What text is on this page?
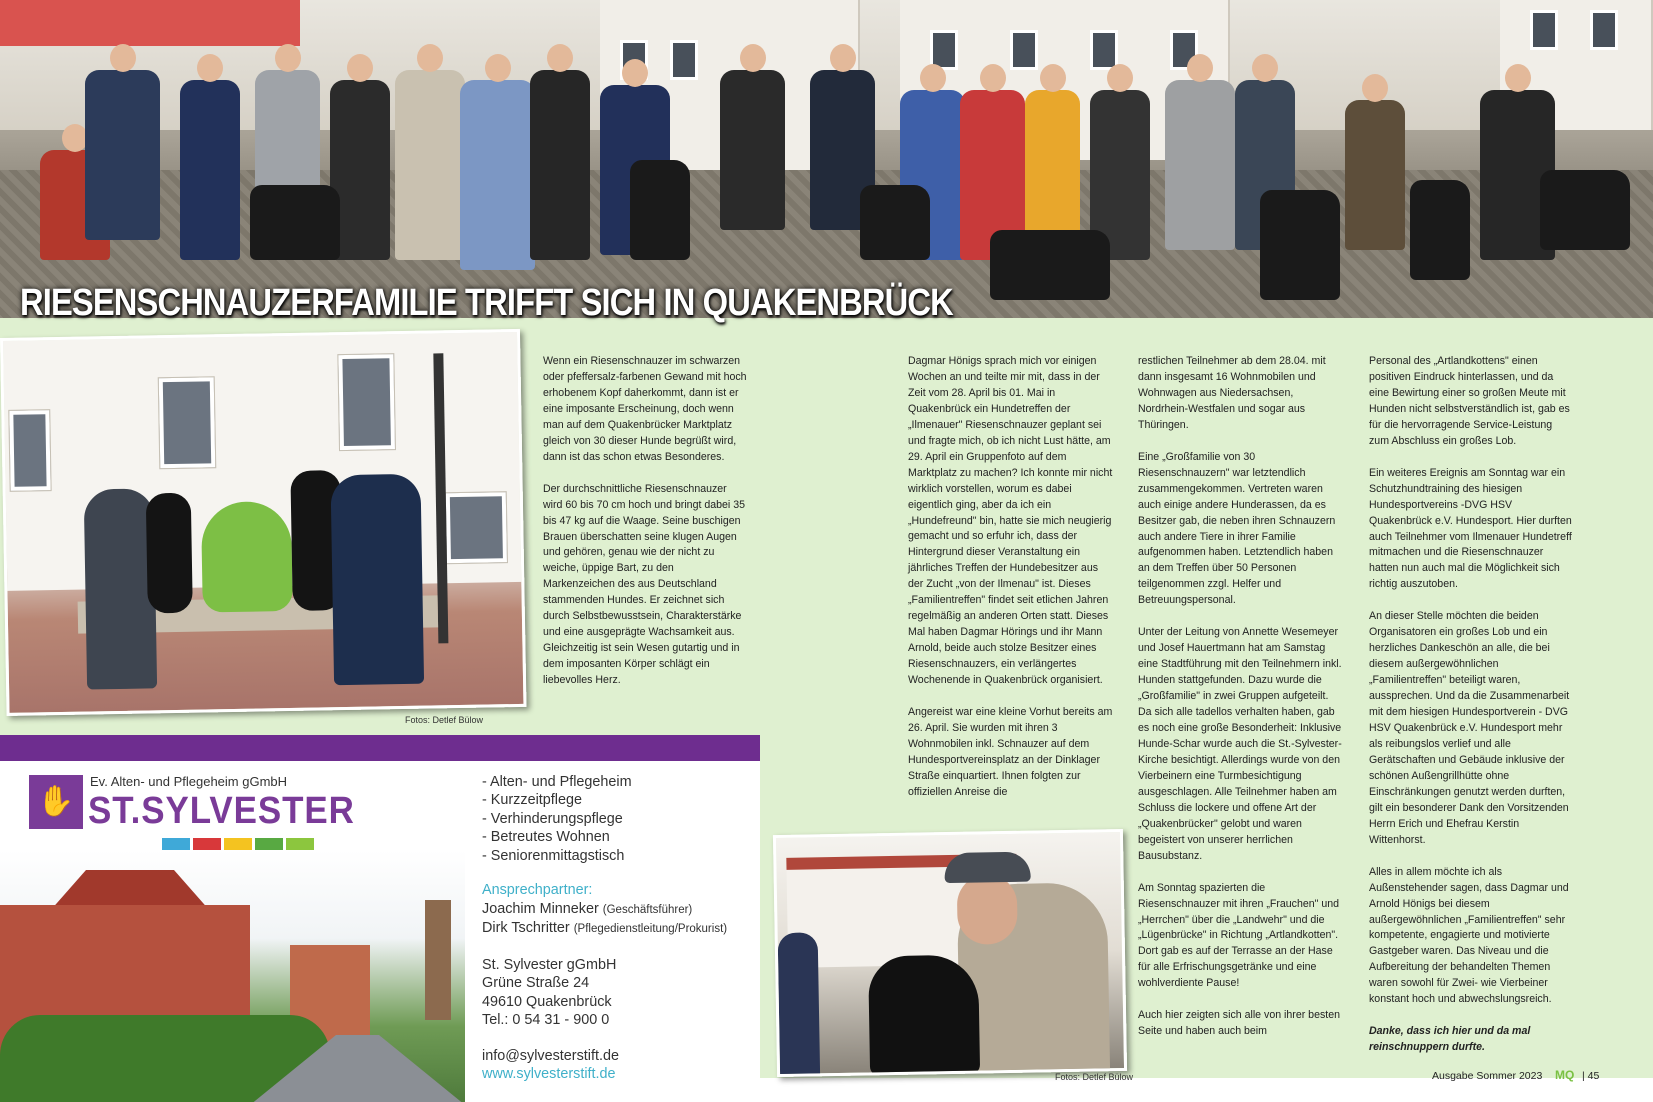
RIESENSCHNAUZERFAMILIE TRIFFT SICH IN QUAKENBRÜCK
Fotos: Detlef Bülow

Wenn ein Riesenschnauzer im schwarzen oder pfeffersalz-farbenen Gewand mit hoch erhobenem Kopf daherkommt, dann ist er eine imposante Erscheinung, doch wenn man auf dem Quakenbrücker Marktplatz gleich von 30 dieser Hunde begrüßt wird, dann ist das schon etwas Besonderes.

Der durchschnittliche Riesenschnauzer wird 60 bis 70 cm hoch und bringt dabei 35 bis 47 kg auf die Waage. Seine buschigen Brauen überschatten seine klugen Augen und gehören, genau wie der nicht zu weiche, üppige Bart, zu den Markenzeichen des aus Deutschland stammenden Hundes. Er zeichnet sich durch Selbstbewusstsein, Charakterstärke und eine ausgeprägte Wachsamkeit aus. Gleichzeitig ist sein Wesen gutartig und in dem imposanten Körper schlägt ein liebevolles Herz.

Dagmar Hönigs sprach mich vor einigen Wochen an und teilte mir mit, dass in der Zeit vom 28. April bis 01. Mai in Quakenbrück ein Hundetreffen der „Ilmenauer" Riesenschnauzer geplant sei und fragte mich, ob ich nicht Lust hätte, am 29. April ein Gruppenfoto auf dem Marktplatz zu machen? Ich konnte mir nicht wirklich vorstellen, worum es dabei eigentlich ging, aber da ich ein „Hundefreund" bin, hatte sie mich neugierig gemacht und so erfuhr ich, dass der Hintergrund dieser Veranstaltung ein jährliches Treffen der Hundebesitzer aus der Zucht „von der Ilmenau" ist. Dieses „Familientreffen" findet seit etlichen Jahren regelmäßig an anderen Orten statt. Dieses Mal haben Dagmar Hörings und ihr Mann Arnold, beide auch stolze Besitzer eines Riesenschnauzers, ein verlängertes Wochenende in Quakenbrück organisiert.

Angereist war eine kleine Vorhut bereits am 26. April. Sie wurden mit ihren 3 Wohnmobilen inkl. Schnauzer auf dem Hundesportvereinsplatz an der Dinklager Straße einquartiert. Ihnen folgten zur offiziellen Anreise die

restlichen Teilnehmer ab dem 28.04. mit dann insgesamt 16 Wohnmobilen und Wohnwagen aus Niedersachsen, Nordrhein-Westfalen und sogar aus Thüringen.

Eine „Großfamilie von 30 Riesenschnauzern" war letztendlich zusammengekommen. Vertreten waren auch einige andere Hunderassen, da es Besitzer gab, die neben ihren Schnauzern auch andere Tiere in ihrer Familie aufgenommen haben. Letztendlich haben an dem Treffen über 50 Personen teilgenommen zzgl. Helfer und Betreuungspersonal.

Unter der Leitung von Annette Wesemeyer und Josef Hauertmann hat am Samstag eine Stadtführung mit den Teilnehmern inkl. Hunden stattgefunden. Dazu wurde die „Großfamilie" in zwei Gruppen aufgeteilt. Da sich alle tadellos verhalten haben, gab es noch eine große Besonderheit: Inklusive Hunde-Schar wurde auch die St.-Sylvester-Kirche besichtigt. Allerdings wurde von den Vierbeinern eine Turmbesichtigung ausgeschlagen. Alle Teilnehmer haben am Schluss die lockere und offene Art der „Quakenbrücker" gelobt und waren begeistert von unserer herrlichen Bausubstanz.

Am Sonntag spazierten die Riesenschnauzer mit ihren „Frauchen" und „Herrchen" über die „Landwehr" und die „Lügenbrücke" in Richtung „Artlandkotten". Dort gab es auf der Terrasse an der Hase für alle Erfrischungsgetränke und eine wohlverdiente Pause!

Auch hier zeigten sich alle von ihrer besten Seite und haben auch beim

Personal des „Artlandkottens" einen positiven Eindruck hinterlassen, und da eine Bewirtung einer so großen Meute mit Hunden nicht selbstverständlich ist, gab es für die hervorragende Service-Leistung zum Abschluss ein großes Lob.

Ein weiteres Ereignis am Sonntag war ein Schutzhundtraining des hiesigen Hundesportvereins -DVG HSV Quakenbrück e.V. Hundesport. Hier durften auch Teilnehmer vom Ilmenauer Hundetreff mitmachen und die Riesenschnauzer hatten nun auch mal die Möglichkeit sich richtig auszutoben.

An dieser Stelle möchten die beiden Organisatoren ein großes Lob und ein herzliches Dankeschön an alle, die bei diesem außergewöhnlichen „Familientreffen" beteiligt waren, aussprechen. Und da die Zusammenarbeit mit dem hiesigen Hundesportverein - DVG HSV Quakenbrück e.V. Hundesport mehr als reibungslos verlief und alle Gerätschaften und Gebäude inklusive der schönen Außengrillhütte ohne Einschränkungen genutzt werden durften, gilt ein besonderer Dank den Vorsitzenden Herrn Erich und Ehefrau Kerstin Wittenhorst.

Alles in allem möchte ich als Außenstehender sagen, dass Dagmar und Arnold Hönigs bei diesem außergewöhnlichen „Familientreffen" sehr kompetente, engagierte und motivierte Gastgeber waren. Das Niveau und die Aufbereitung der behandelten Themen waren sowohl für Zwei- wie Vierbeiner konstant hoch und abwechslungsreich.

Danke, dass ich hier und da mal reinschnuppern durfte.

✋
Ev. Alten- und Pflegeheim gGmbH
ST.SYLVESTER
- Alten- und Pflegeheim
- Kurzzeitpflege
- Verhinderungspflege
- Betreutes Wohnen
- Seniorenmittagstisch
Ansprechpartner:
Joachim Minneker (Geschäftsführer)
Dirk Tschritter (Pflegedienstleitung/Prokurist)
St. Sylvester gGmbH
Grüne Straße 24
49610 Quakenbrück
Tel.: 0 54 31 - 900 0
info@sylvesterstift.de
www.sylvesterstift.de	Fotos: Detlef Bülow	Ausgabe Sommer 2023 MQ | 45
